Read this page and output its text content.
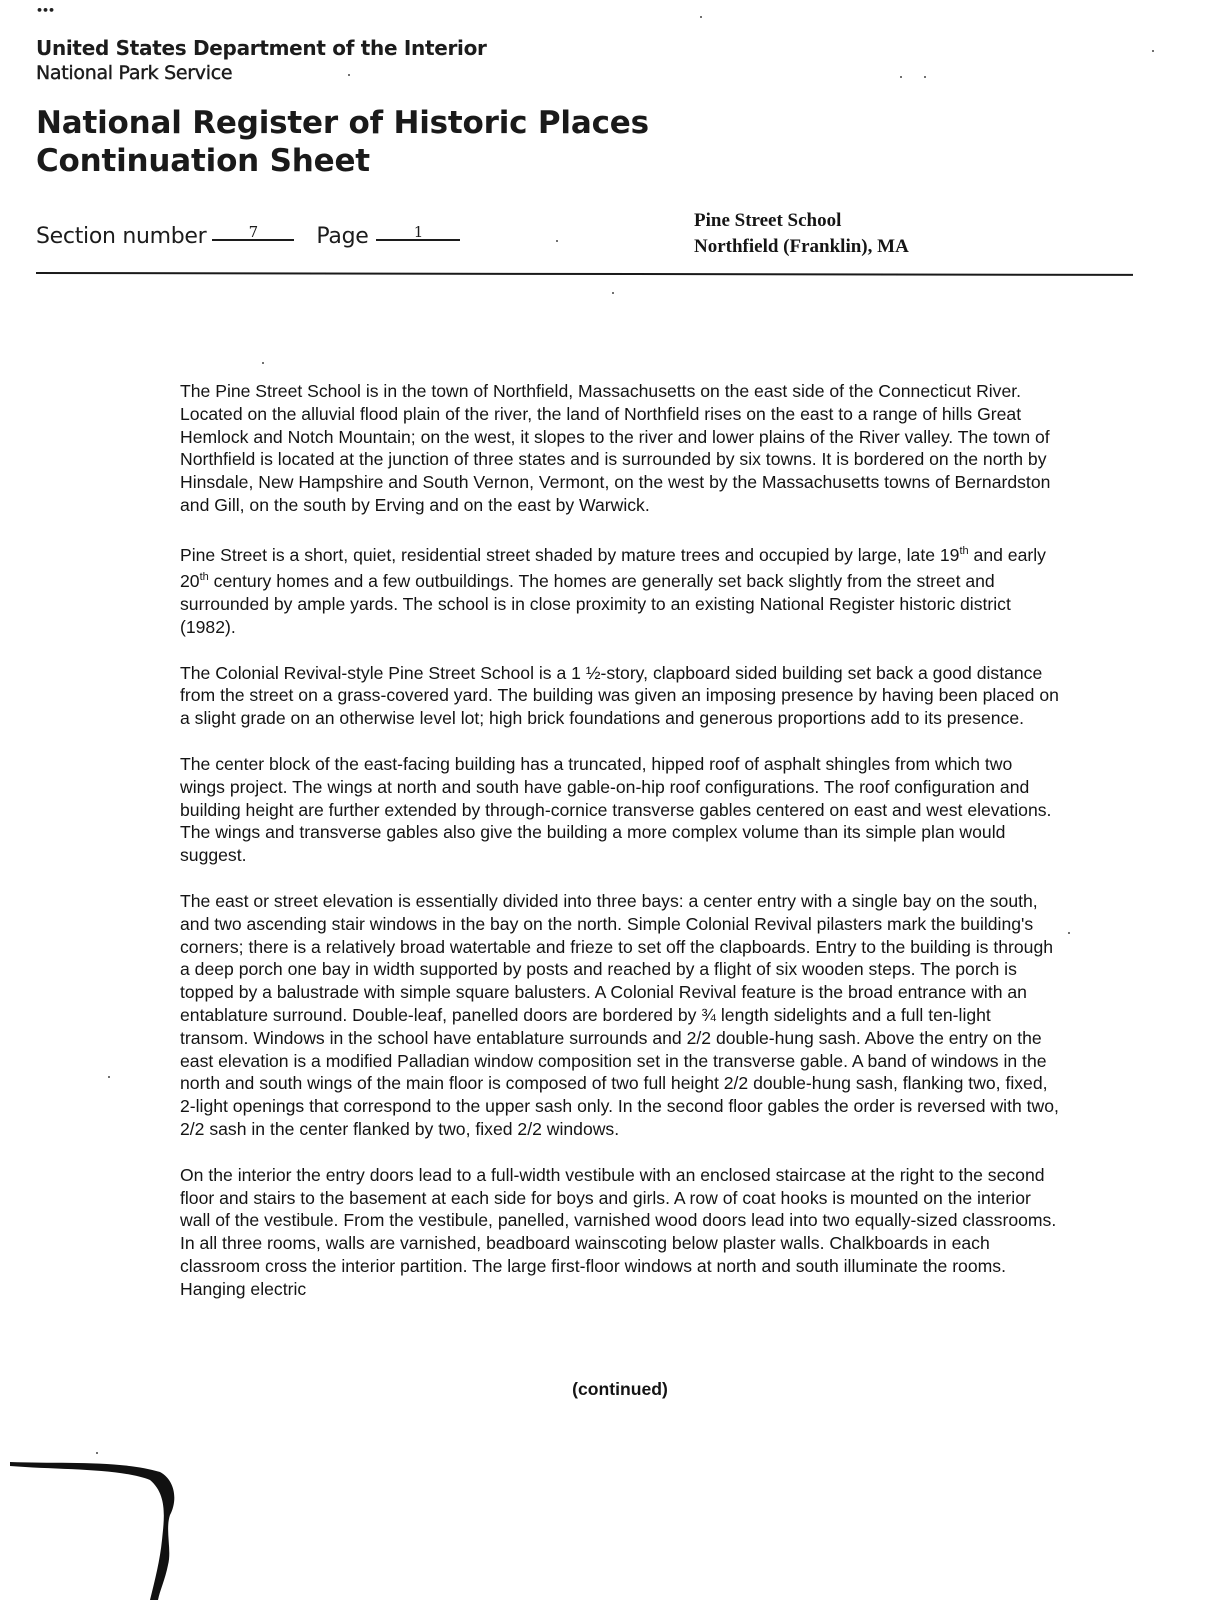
•••
United States Department of the Interior
National Park Service
National Register of Historic Places
Continuation Sheet
Section number	7	Page	1
Pine Street School
Northfield (Franklin), MA

The Pine Street School is in the town of Northfield, Massachusetts on the east side of the Connecticut River. Located on the alluvial flood plain of the river, the land of Northfield rises on the east to a range of hills Great Hemlock and Notch Mountain; on the west, it slopes to the river and lower plains of the River valley. The town of Northfield is located at the junction of three states and is surrounded by six towns. It is bordered on the north by Hinsdale, New Hampshire and South Vernon, Vermont, on the west by the Massachusetts towns of Bernardston and Gill, on the south by Erving and on the east by Warwick.

Pine Street is a short, quiet, residential street shaded by mature trees and occupied by large, late 19th and early 20th century homes and a few outbuildings. The homes are generally set back slightly from the street and surrounded by ample yards. The school is in close proximity to an existing National Register historic district (1982).

The Colonial Revival-style Pine Street School is a 1 ½-story, clapboard sided building set back a good distance from the street on a grass-covered yard. The building was given an imposing presence by having been placed on a slight grade on an otherwise level lot; high brick foundations and generous proportions add to its presence.

The center block of the east-facing building has a truncated, hipped roof of asphalt shingles from which two wings project. The wings at north and south have gable-on-hip roof configurations. The roof configuration and building height are further extended by through-cornice transverse gables centered on east and west elevations. The wings and transverse gables also give the building a more complex volume than its simple plan would suggest.

The east or street elevation is essentially divided into three bays: a center entry with a single bay on the south, and two ascending stair windows in the bay on the north. Simple Colonial Revival pilasters mark the building's corners; there is a relatively broad watertable and frieze to set off the clapboards. Entry to the building is through a deep porch one bay in width supported by posts and reached by a flight of six wooden steps. The porch is topped by a balustrade with simple square balusters. A Colonial Revival feature is the broad entrance with an entablature surround. Double-leaf, panelled doors are bordered by ¾ length sidelights and a full ten-light transom. Windows in the school have entablature surrounds and 2/2 double-hung sash. Above the entry on the east elevation is a modified Palladian window composition set in the transverse gable. A band of windows in the north and south wings of the main floor is composed of two full height 2/2 double-hung sash, flanking two, fixed, 2-light openings that correspond to the upper sash only. In the second floor gables the order is reversed with two, 2/2 sash in the center flanked by two, fixed 2/2 windows.

On the interior the entry doors lead to a full-width vestibule with an enclosed staircase at the right to the second floor and stairs to the basement at each side for boys and girls. A row of coat hooks is mounted on the interior wall of the vestibule. From the vestibule, panelled, varnished wood doors lead into two equally-sized classrooms. In all three rooms, walls are varnished, beadboard wainscoting below plaster walls. Chalkboards in each classroom cross the interior partition. The large first-floor windows at north and south illuminate the rooms. Hanging electric

(continued)
